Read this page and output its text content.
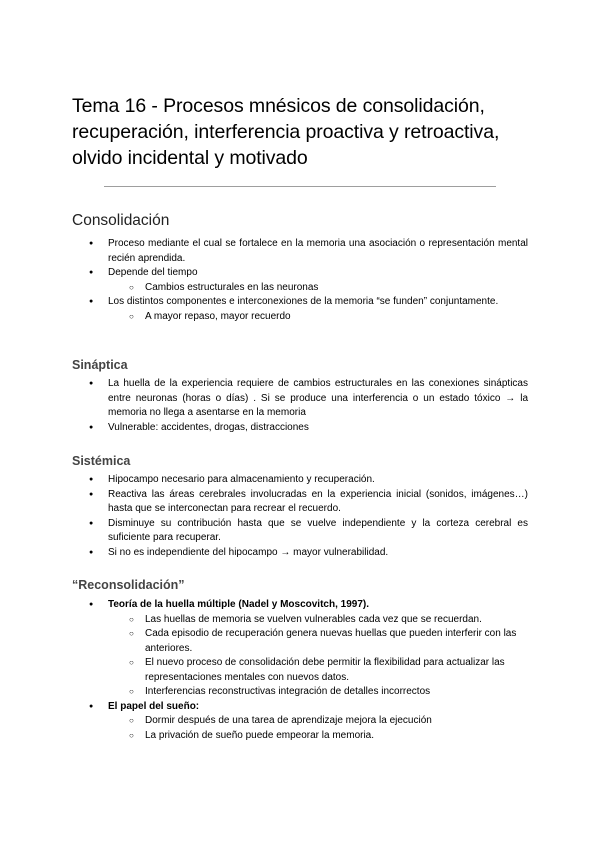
Tema 16 - Procesos mnésicos de consolidación, recuperación, interferencia proactiva y retroactiva, olvido incidental y motivado
Consolidación
● Proceso mediante el cual se fortalece en la memoria una asociación o representación mental recién aprendida.
● Depende del tiempo
○ Cambios estructurales en las neuronas
● Los distintos componentes e interconexiones de la memoria “se funden” conjuntamente.
○ A mayor repaso, mayor recuerdo
Sináptica
● La huella de la experiencia requiere de cambios estructurales en las conexiones sinápticas entre neuronas (horas o días) . Si se produce una interferencia o un estado tóxico → la memoria no llega a asentarse en la memoria
● Vulnerable: accidentes, drogas, distracciones
Sistémica
● Hipocampo necesario para almacenamiento y recuperación.
● Reactiva las áreas cerebrales involucradas en la experiencia inicial (sonidos, imágenes…) hasta que se interconectan para recrear el recuerdo.
● Disminuye su contribución hasta que se vuelve independiente y la corteza cerebral es suficiente para recuperar.
● Si no es independiente del hipocampo → mayor vulnerabilidad.
“Reconsolidación”
● Teoría de la huella múltiple (Nadel y Moscovitch, 1997).
○ Las huellas de memoria se vuelven vulnerables cada vez que se recuerdan.
○ Cada episodio de recuperación genera nuevas huellas que pueden interferir con las anteriores.
○ El nuevo proceso de consolidación debe permitir la flexibilidad para actualizar las representaciones mentales con nuevos datos.
○ Interferencias reconstructivas integración de detalles incorrectos
● El papel del sueño:
○ Dormir después de una tarea de aprendizaje mejora la ejecución
○ La privación de sueño puede empeorar la memoria.
